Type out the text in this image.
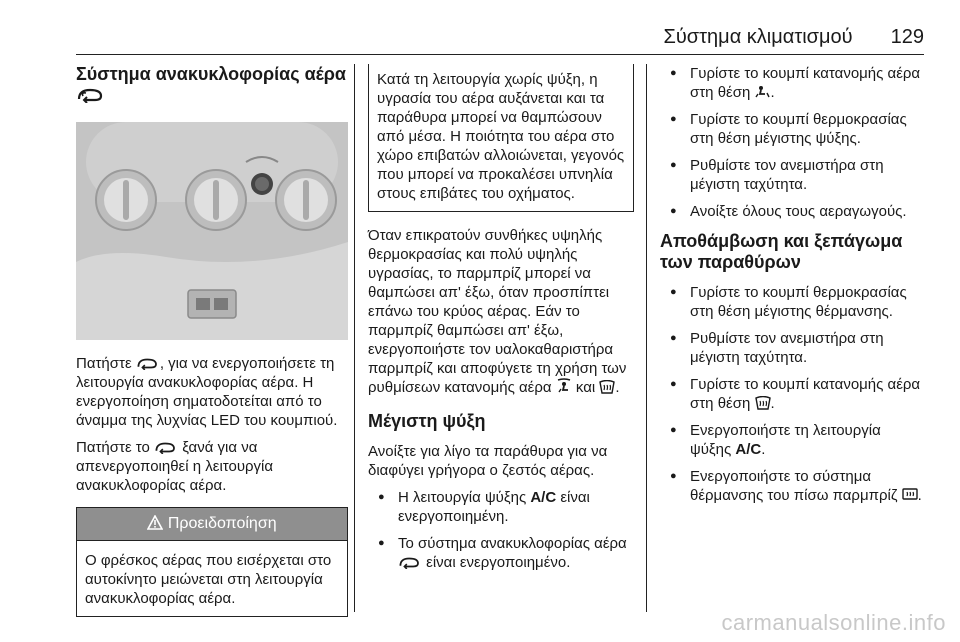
Σύστημα κλιματισμού 129
Σύστημα ανακυκλοφορίας αέρα

Πατήστε , για να ενεργοποιήσετε τη λειτουργία ανακυκλοφορίας αέρα. Η ενεργοποίηση σηματοδοτείται από το άναμμα της λυχνίας LED του κουμπιού.

Πατήστε το  ξανά για να απενεργοποιηθεί η λειτουργία ανακυκλοφορίας αέρα.

Προειδοποίηση
Ο φρέσκος αέρας που εισέρχεται στο αυτοκίνητο μειώνεται στη λειτουργία ανακυκλοφορίας αέρα.
Κατά τη λειτουργία χωρίς ψύξη, η υγρασία του αέρα αυξάνεται και τα παράθυρα μπορεί να θαμπώσουν από μέσα. Η ποιότητα του αέρα στο χώρο επιβατών αλλοιώνεται, γεγονός που μπορεί να προκαλέσει υπνηλία στους επιβάτες του οχήματος.

Όταν επικρατούν συνθήκες υψηλής θερμοκρασίας και πολύ υψηλής υγρασίας, το παρμπρίζ μπορεί να θαμπώσει απ' έξω, όταν προσπίπτει επάνω του κρύος αέρας. Εάν το παρμπρίζ θαμπώσει απ' έξω, ενεργοποιήστε τον υαλοκαθαριστήρα παρμπρίζ και αποφύγετε τη χρήση των ρυθμίσεων κατανομής αέρα  και .

Μέγιστη ψύξη

Ανοίξτε για λίγο τα παράθυρα για να διαφύγει γρήγορα ο ζεστός αέρας.

● Η λειτουργία ψύξης A/C είναι ενεργοποιημένη.
● Το σύστημα ανακυκλοφορίας αέρα  είναι ενεργοποιημένο.
● Γυρίστε το κουμπί κατανομής αέρα στη θέση .
● Γυρίστε το κουμπί θερμοκρασίας στη θέση μέγιστης ψύξης.
● Ρυθμίστε τον ανεμιστήρα στη μέγιστη ταχύτητα.
● Ανοίξτε όλους τους αεραγωγούς.
Αποθάμβωση και ξεπάγωμα των παραθύρων
● Γυρίστε το κουμπί θερμοκρασίας στη θέση μέγιστης θέρμανσης.
● Ρυθμίστε τον ανεμιστήρα στη μέγιστη ταχύτητα.
● Γυρίστε το κουμπί κατανομής αέρα στη θέση .
● Ενεργοποιήστε τη λειτουργία ψύξης A/C.
● Ενεργοποιήστε το σύστημα θέρμανσης του πίσω παρμπρίζ .
carmanualsonline.info
